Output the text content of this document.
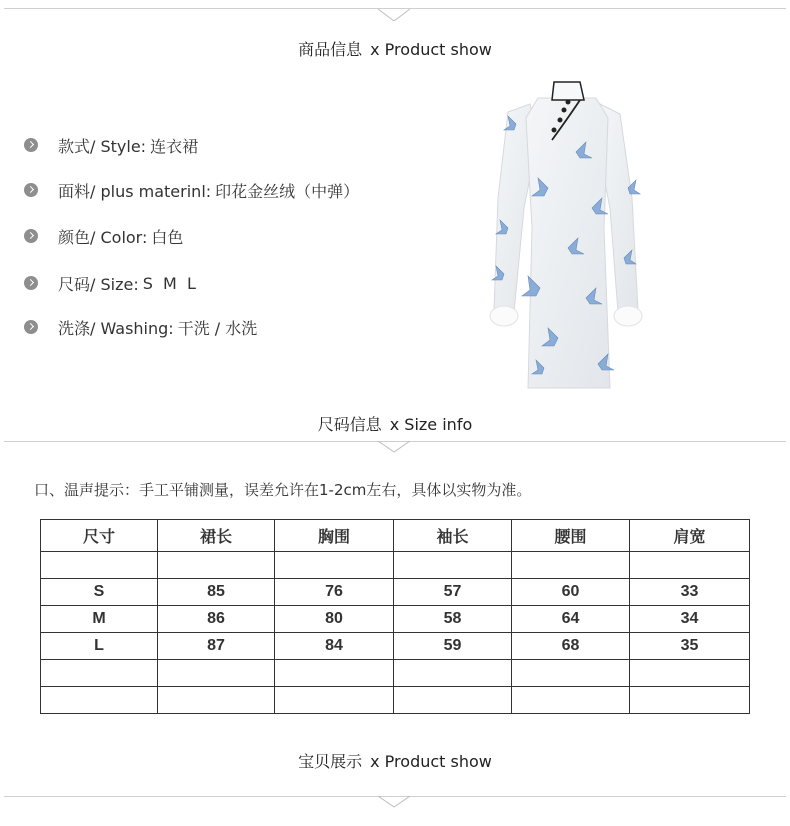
商品信息 x Product show
款式/ Style: 连衣裙
面料/ plus materinl: 印花金丝绒（中弹）
颜色/ Color: 白色
尺码/ Size: S  M  L
洗涤/ Washing: 干洗 / 水洗
尺码信息 x Size info
口、温声提示：手工平铺测量，误差允许在1-2cm左右，具体以实物为准。
尺寸	裙长	胸围	袖长	腰围	肩宽

S	85	76	57	60	33
M	86	80	58	64	34
L	87	84	59	68	35

宝贝展示 x Product show
